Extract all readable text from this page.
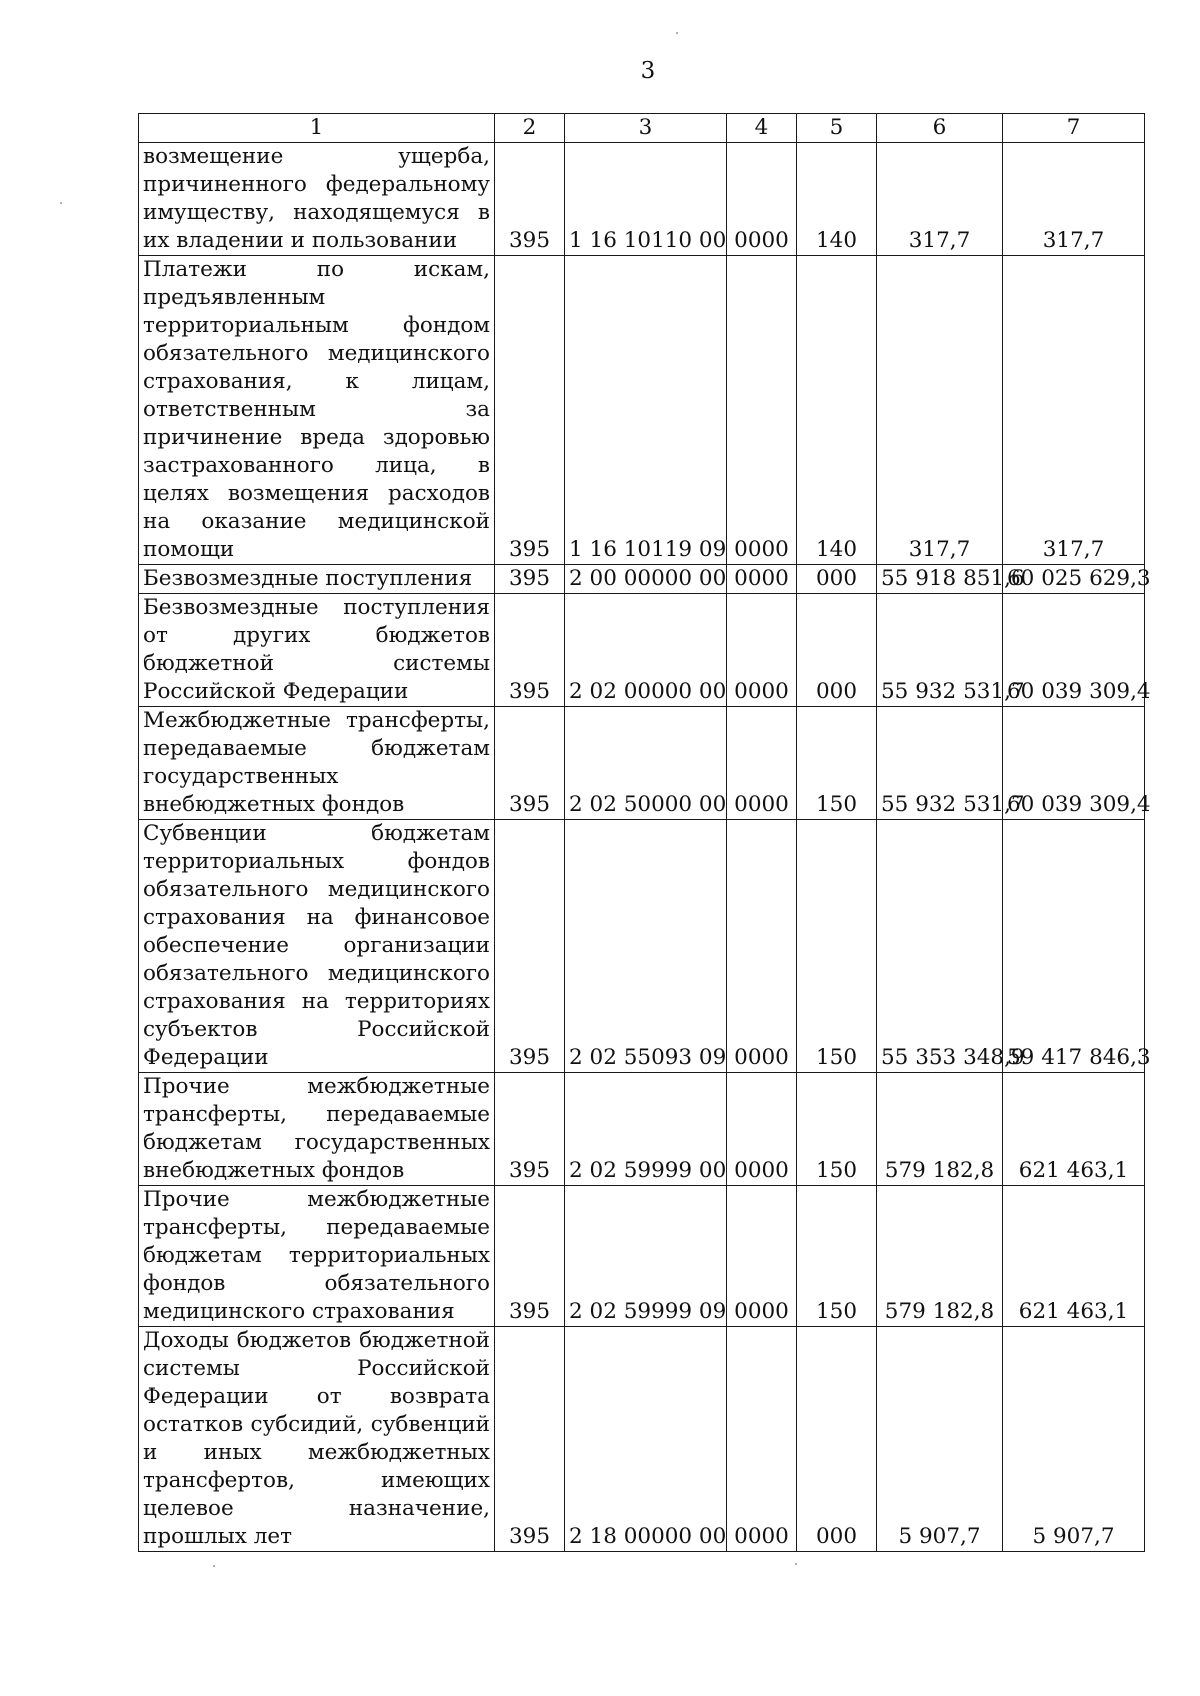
3
1	2	3	4	5	6	7
возмещение ущерба, причиненного федеральному имуществу, находящемуся в их владении и пользовании	395	1 16 10110 00	0000	140	317,7	317,7
Платежи по искам, предъявленным территориальным фондом обязательного медицинского страхования, к лицам, ответственным за причинение вреда здоровью застрахованного лица, в целях возмещения расходов на оказание медицинской помощи	395	1 16 10119 09	0000	140	317,7	317,7
Безвозмездные поступления	395	2 00 00000 00	0000	000	55 918 851,6	60 025 629,3
Безвозмездные поступления от других бюджетов бюджетной системы Российской Федерации	395	2 02 00000 00	0000	000	55 932 531,7	60 039 309,4
Межбюджетные трансферты, передаваемые бюджетам государственных внебюджетных фондов	395	2 02 50000 00	0000	150	55 932 531,7	60 039 309,4
Субвенции бюджетам территориальных фондов обязательного медицинского страхования на финансовое обеспечение организации обязательного медицинского страхования на территориях субъектов Российской Федерации	395	2 02 55093 09	0000	150	55 353 348,9	59 417 846,3
Прочие межбюджетные трансферты, передаваемые бюджетам государственных внебюджетных фондов	395	2 02 59999 00	0000	150	579 182,8	621 463,1
Прочие межбюджетные трансферты, передаваемые бюджетам территориальных фондов обязательного медицинского страхования	395	2 02 59999 09	0000	150	579 182,8	621 463,1
Доходы бюджетов бюджетной системы Российской Федерации от возврата остатков субсидий, субвенций и иных межбюджетных трансфертов, имеющих целевое назначение, прошлых лет	395	2 18 00000 00	0000	000	5 907,7	5 907,7
